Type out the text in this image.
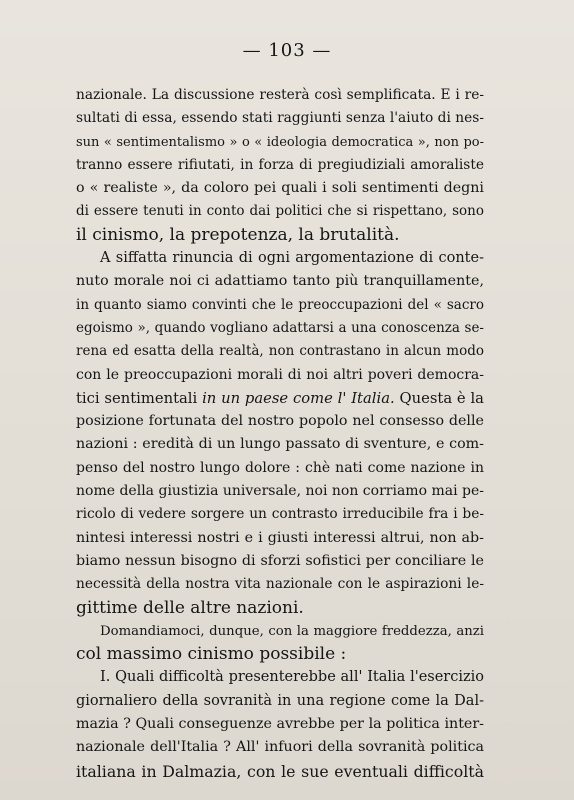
— 103 —
nazionale. La discussione resterà così semplificata. E i re-
sultati di essa, essendo stati raggiunti senza l'aiuto di nes-
sun « sentimentalismo » o « ideologia democratica », non po-
tranno essere rifiutati, in forza di pregiudiziali amoraliste
o « realiste », da coloro pei quali i soli sentimenti degni
di essere tenuti in conto dai politici che si rispettano, sono
il cinismo, la prepotenza, la brutalità.
A siffatta rinuncia di ogni argomentazione di conte-
nuto morale noi ci adattiamo tanto più tranquillamente,
in quanto siamo convinti che le preoccupazioni del « sacro
egoismo », quando vogliano adattarsi a una conoscenza se-
rena ed esatta della realtà, non contrastano in alcun modo
con le preoccupazioni morali di noi altri poveri democra-
tici sentimentali in un paese come l' Italia. Questa è la
posizione fortunata del nostro popolo nel consesso delle
nazioni : eredità di un lungo passato di sventure, e com-
penso del nostro lungo dolore : chè nati come nazione in
nome della giustizia universale, noi non corriamo mai pe-
ricolo di vedere sorgere un contrasto irreducibile fra i be-
nintesi interessi nostri e i giusti interessi altrui, non ab-
biamo nessun bisogno di sforzi sofistici per conciliare le
necessità della nostra vita nazionale con le aspirazioni le-
gittime delle altre nazioni.
Domandiamoci, dunque, con la maggiore freddezza, anzi
col massimo cinismo possibile :
I. Quali difficoltà presenterebbe all' Italia l'esercizio
giornaliero della sovranità in una regione come la Dal-
mazia ? Quali conseguenze avrebbe per la politica inter-
nazionale dell'Italia ? All' infuori della sovranità politica
italiana in Dalmazia, con le sue eventuali difficoltà
